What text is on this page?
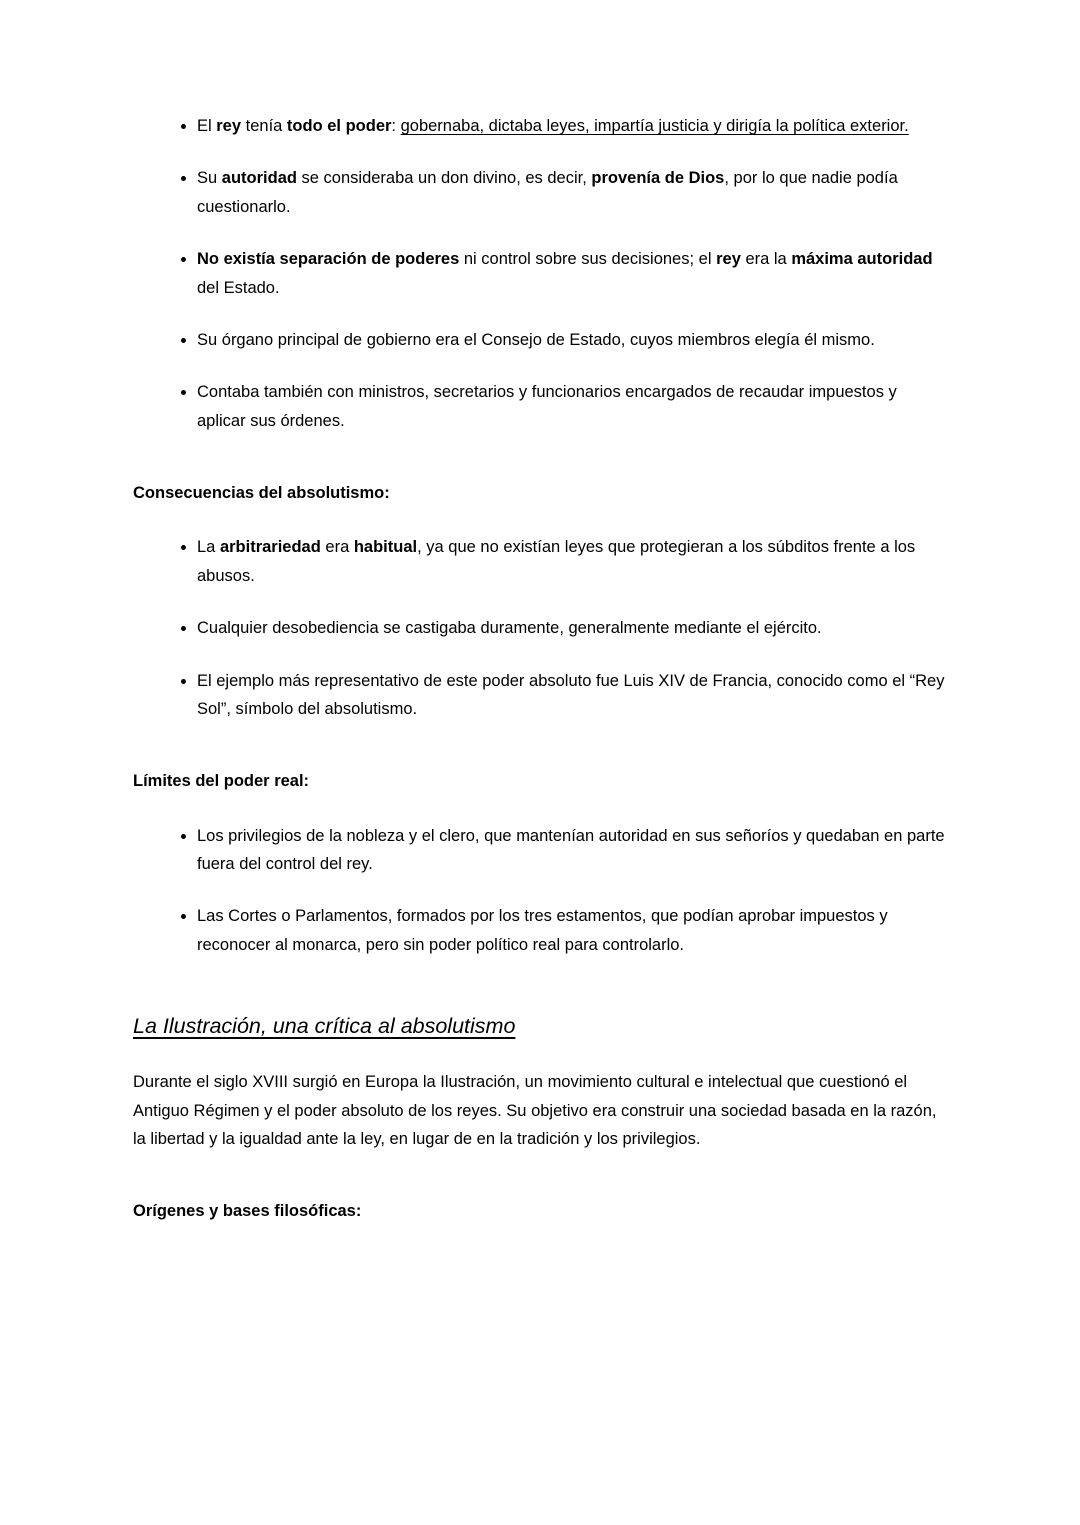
• El rey tenía todo el poder: gobernaba, dictaba leyes, impartía justicia y dirigía la política exterior.
• Su autoridad se consideraba un don divino, es decir, provenía de Dios, por lo que nadie podía cuestionarlo.
• No existía separación de poderes ni control sobre sus decisiones; el rey era la máxima autoridad del Estado.
• Su órgano principal de gobierno era el Consejo de Estado, cuyos miembros elegía él mismo.
• Contaba también con ministros, secretarios y funcionarios encargados de recaudar impuestos y aplicar sus órdenes.

Consecuencias del absolutismo:

• La arbitrariedad era habitual, ya que no existían leyes que protegieran a los súbditos frente a los abusos.
• Cualquier desobediencia se castigaba duramente, generalmente mediante el ejército.
• El ejemplo más representativo de este poder absoluto fue Luis XIV de Francia, conocido como el “Rey Sol”, símbolo del absolutismo.

Límites del poder real:

• Los privilegios de la nobleza y el clero, que mantenían autoridad en sus señoríos y quedaban en parte fuera del control del rey.
• Las Cortes o Parlamentos, formados por los tres estamentos, que podían aprobar impuestos y reconocer al monarca, pero sin poder político real para controlarlo.
La Ilustración, una crítica al absolutismo

Durante el siglo XVIII surgió en Europa la Ilustración, un movimiento cultural e intelectual que cuestionó el Antiguo Régimen y el poder absoluto de los reyes. Su objetivo era construir una sociedad basada en la razón, la libertad y la igualdad ante la ley, en lugar de en la tradición y los privilegios.

Orígenes y bases filosóficas:
